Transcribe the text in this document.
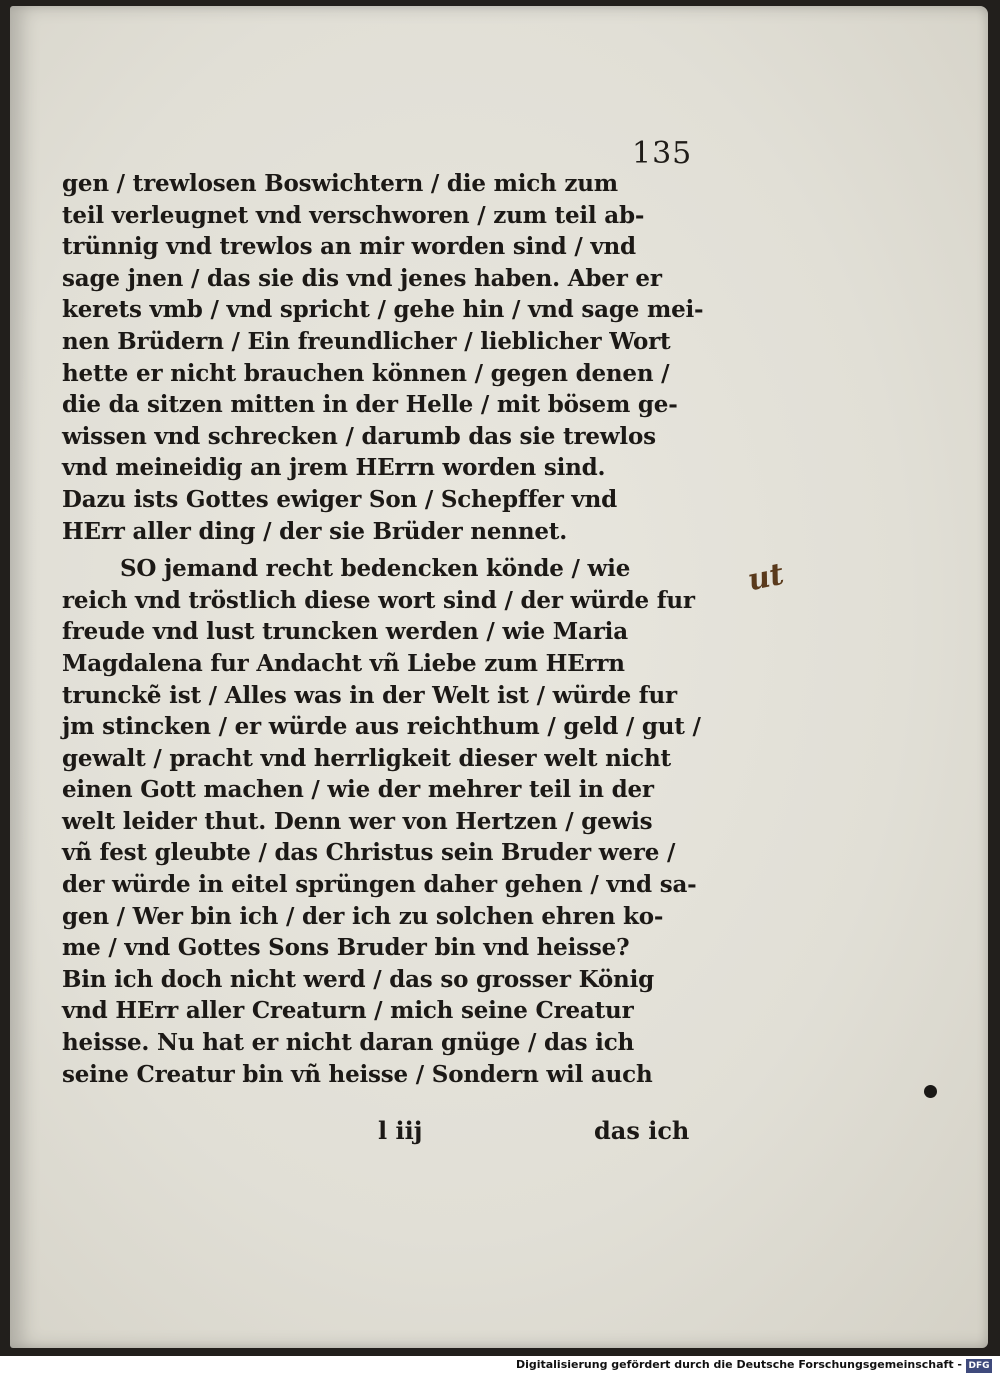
135
gen / trewlosen Boswichtern / die mich zum
teil verleugnet vnd verschworen / zum teil ab-
trünnig vnd trewlos an mir worden sind / vnd
sage jnen / das sie dis vnd jenes haben. Aber er
kerets vmb / vnd spricht / gehe hin / vnd sage mei-
nen Brüdern / Ein freundlicher / lieblicher Wort
hette er nicht brauchen können / gegen denen /
die da sitzen mitten in der Helle / mit bösem ge-
wissen vnd schrecken / darumb das sie trewlos
vnd meineidig an jrem HErrn worden sind.
Dazu ists Gottes ewiger Son / Schepffer vnd
HErr aller ding / der sie Brüder nennet.
SO jemand recht bedencken könde / wie
reich vnd tröstlich diese wort sind / der würde fur
freude vnd lust truncken werden / wie Maria
Magdalena fur Andacht vñ Liebe zum HErrn
trunckẽ ist / Alles was in der Welt ist / würde fur
jm stincken / er würde aus reichthum / geld / gut /
gewalt / pracht vnd herrligkeit dieser welt nicht
einen Gott machen / wie der mehrer teil in der
welt leider thut. Denn wer von Hertzen / gewis
vñ fest gleubte / das Christus sein Bruder were /
der würde in eitel sprüngen daher gehen / vnd sa-
gen / Wer bin ich / der ich zu solchen ehren ko-
me / vnd Gottes Sons Bruder bin vnd heisse?
Bin ich doch nicht werd / das so grosser König
vnd HErr aller Creaturn / mich seine Creatur
heisse. Nu hat er nicht daran gnüge / das ich
seine Creatur bin vñ heisse / Sondern wil auch
l iij	das ich
ut
Digitalisierung gefördert durch die Deutsche Forschungsgemeinschaft - DFG
